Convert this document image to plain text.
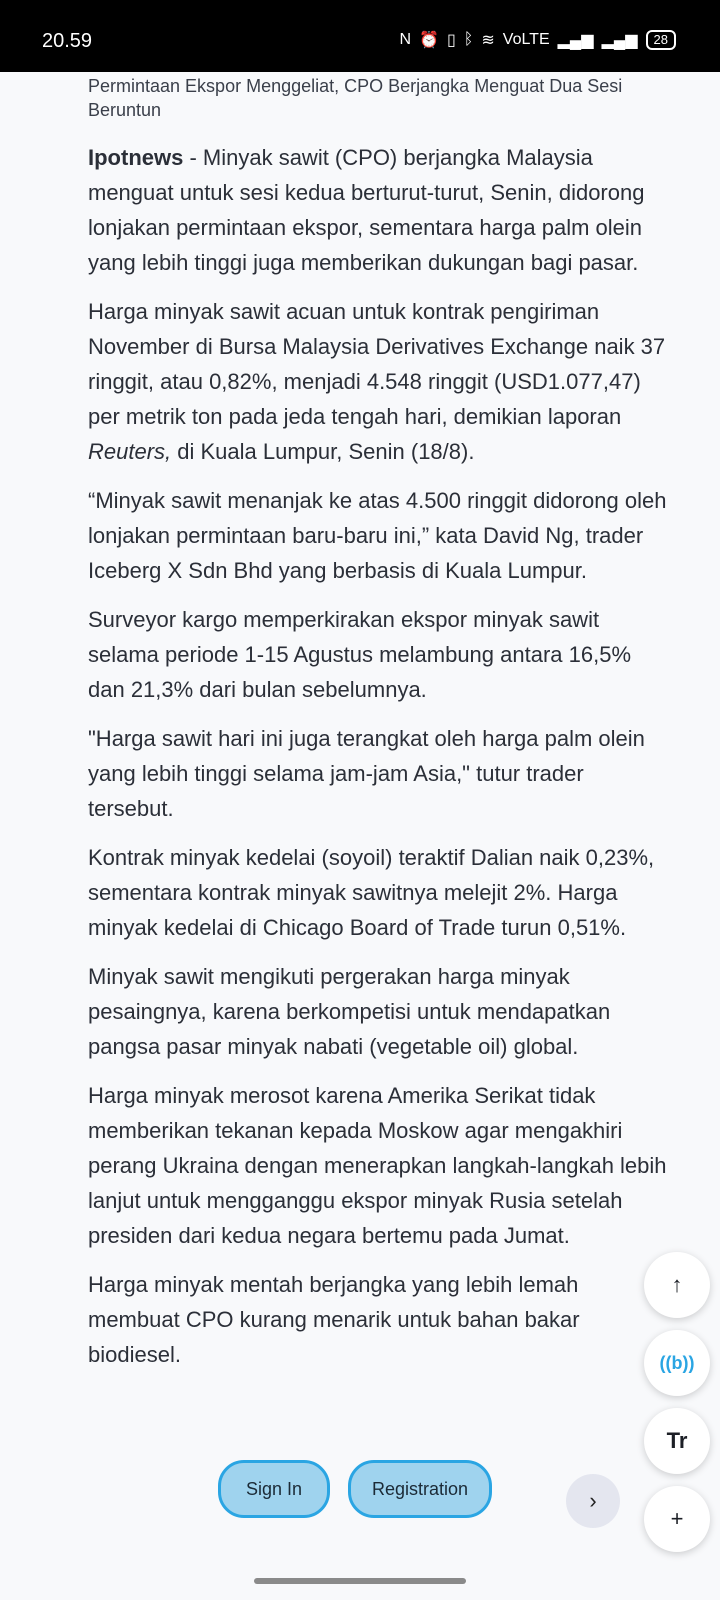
20.59	N ⏰ ▯ ᛒ ≋ VoLTE ▂▄▆ ▂▄▆	28
Permintaan Ekspor Menggeliat, CPO Berjangka Menguat Dua Sesi Beruntun

Ipotnews - Minyak sawit (CPO) berjangka Malaysia menguat untuk sesi kedua berturut-turut, Senin, didorong lonjakan permintaan ekspor, sementara harga palm olein yang lebih tinggi juga memberikan dukungan bagi pasar.

Harga minyak sawit acuan untuk kontrak pengiriman November di Bursa Malaysia Derivatives Exchange naik 37 ringgit, atau 0,82%, menjadi 4.548 ringgit (USD1.077,47) per metrik ton pada jeda tengah hari, demikian laporan Reuters, di Kuala Lumpur, Senin (18/8).

“Minyak sawit menanjak ke atas 4.500 ringgit didorong oleh lonjakan permintaan baru-baru ini,” kata David Ng, trader Iceberg X Sdn Bhd yang berbasis di Kuala Lumpur.

Surveyor kargo memperkirakan ekspor minyak sawit selama periode 1-15 Agustus melambung antara 16,5% dan 21,3% dari bulan sebelumnya.

"Harga sawit hari ini juga terangkat oleh harga palm olein yang lebih tinggi selama jam-jam Asia," tutur trader tersebut.

Kontrak minyak kedelai (soyoil) teraktif Dalian naik 0,23%, sementara kontrak minyak sawitnya melejit 2%. Harga minyak kedelai di Chicago Board of Trade turun 0,51%.

Minyak sawit mengikuti pergerakan harga minyak pesaingnya, karena berkompetisi untuk mendapatkan pangsa pasar minyak nabati (vegetable oil) global.

Harga minyak merosot karena Amerika Serikat tidak memberikan tekanan kepada Moskow agar mengakhiri perang Ukraina dengan menerapkan langkah-langkah lebih lanjut untuk mengganggu ekspor minyak Rusia setelah presiden dari kedua negara bertemu pada Jumat.

Harga minyak mentah berjangka yang lebih lemah membuat CPO kurang menarik untuk bahan bakar biodiesel.

↑
((b))
Tr
+
Sign In	Registration	›
